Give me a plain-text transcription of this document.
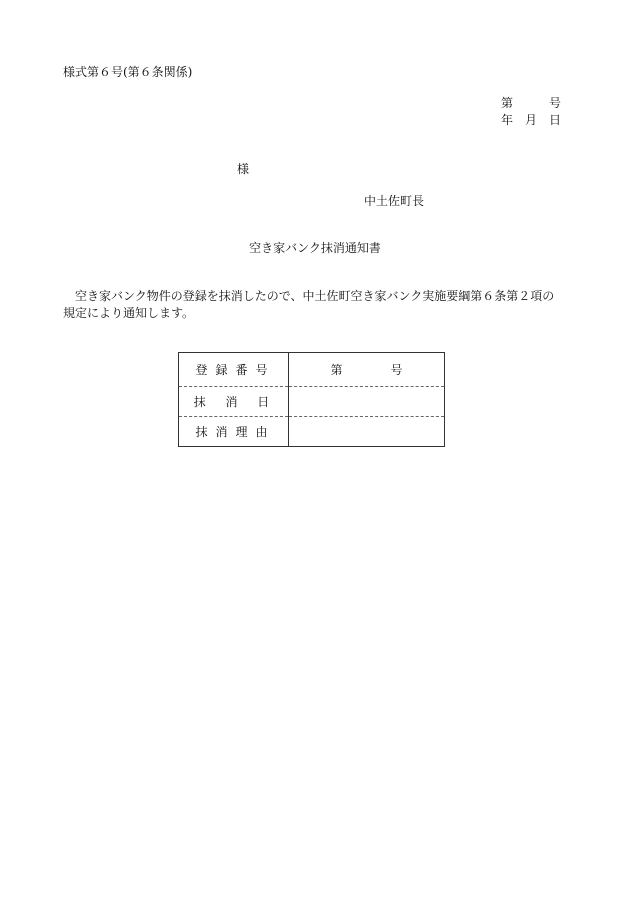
様式第６号(第６条関係)
第	号
年 月 日
様
中土佐町長
空き家バンク抹消通知書
空き家バンク物件の登録を抹消したので、中土佐町空き家バンク実施要綱第６条第２項の規定により通知します。
登録番号	第 号

抹 消 日	
抹消理由	
